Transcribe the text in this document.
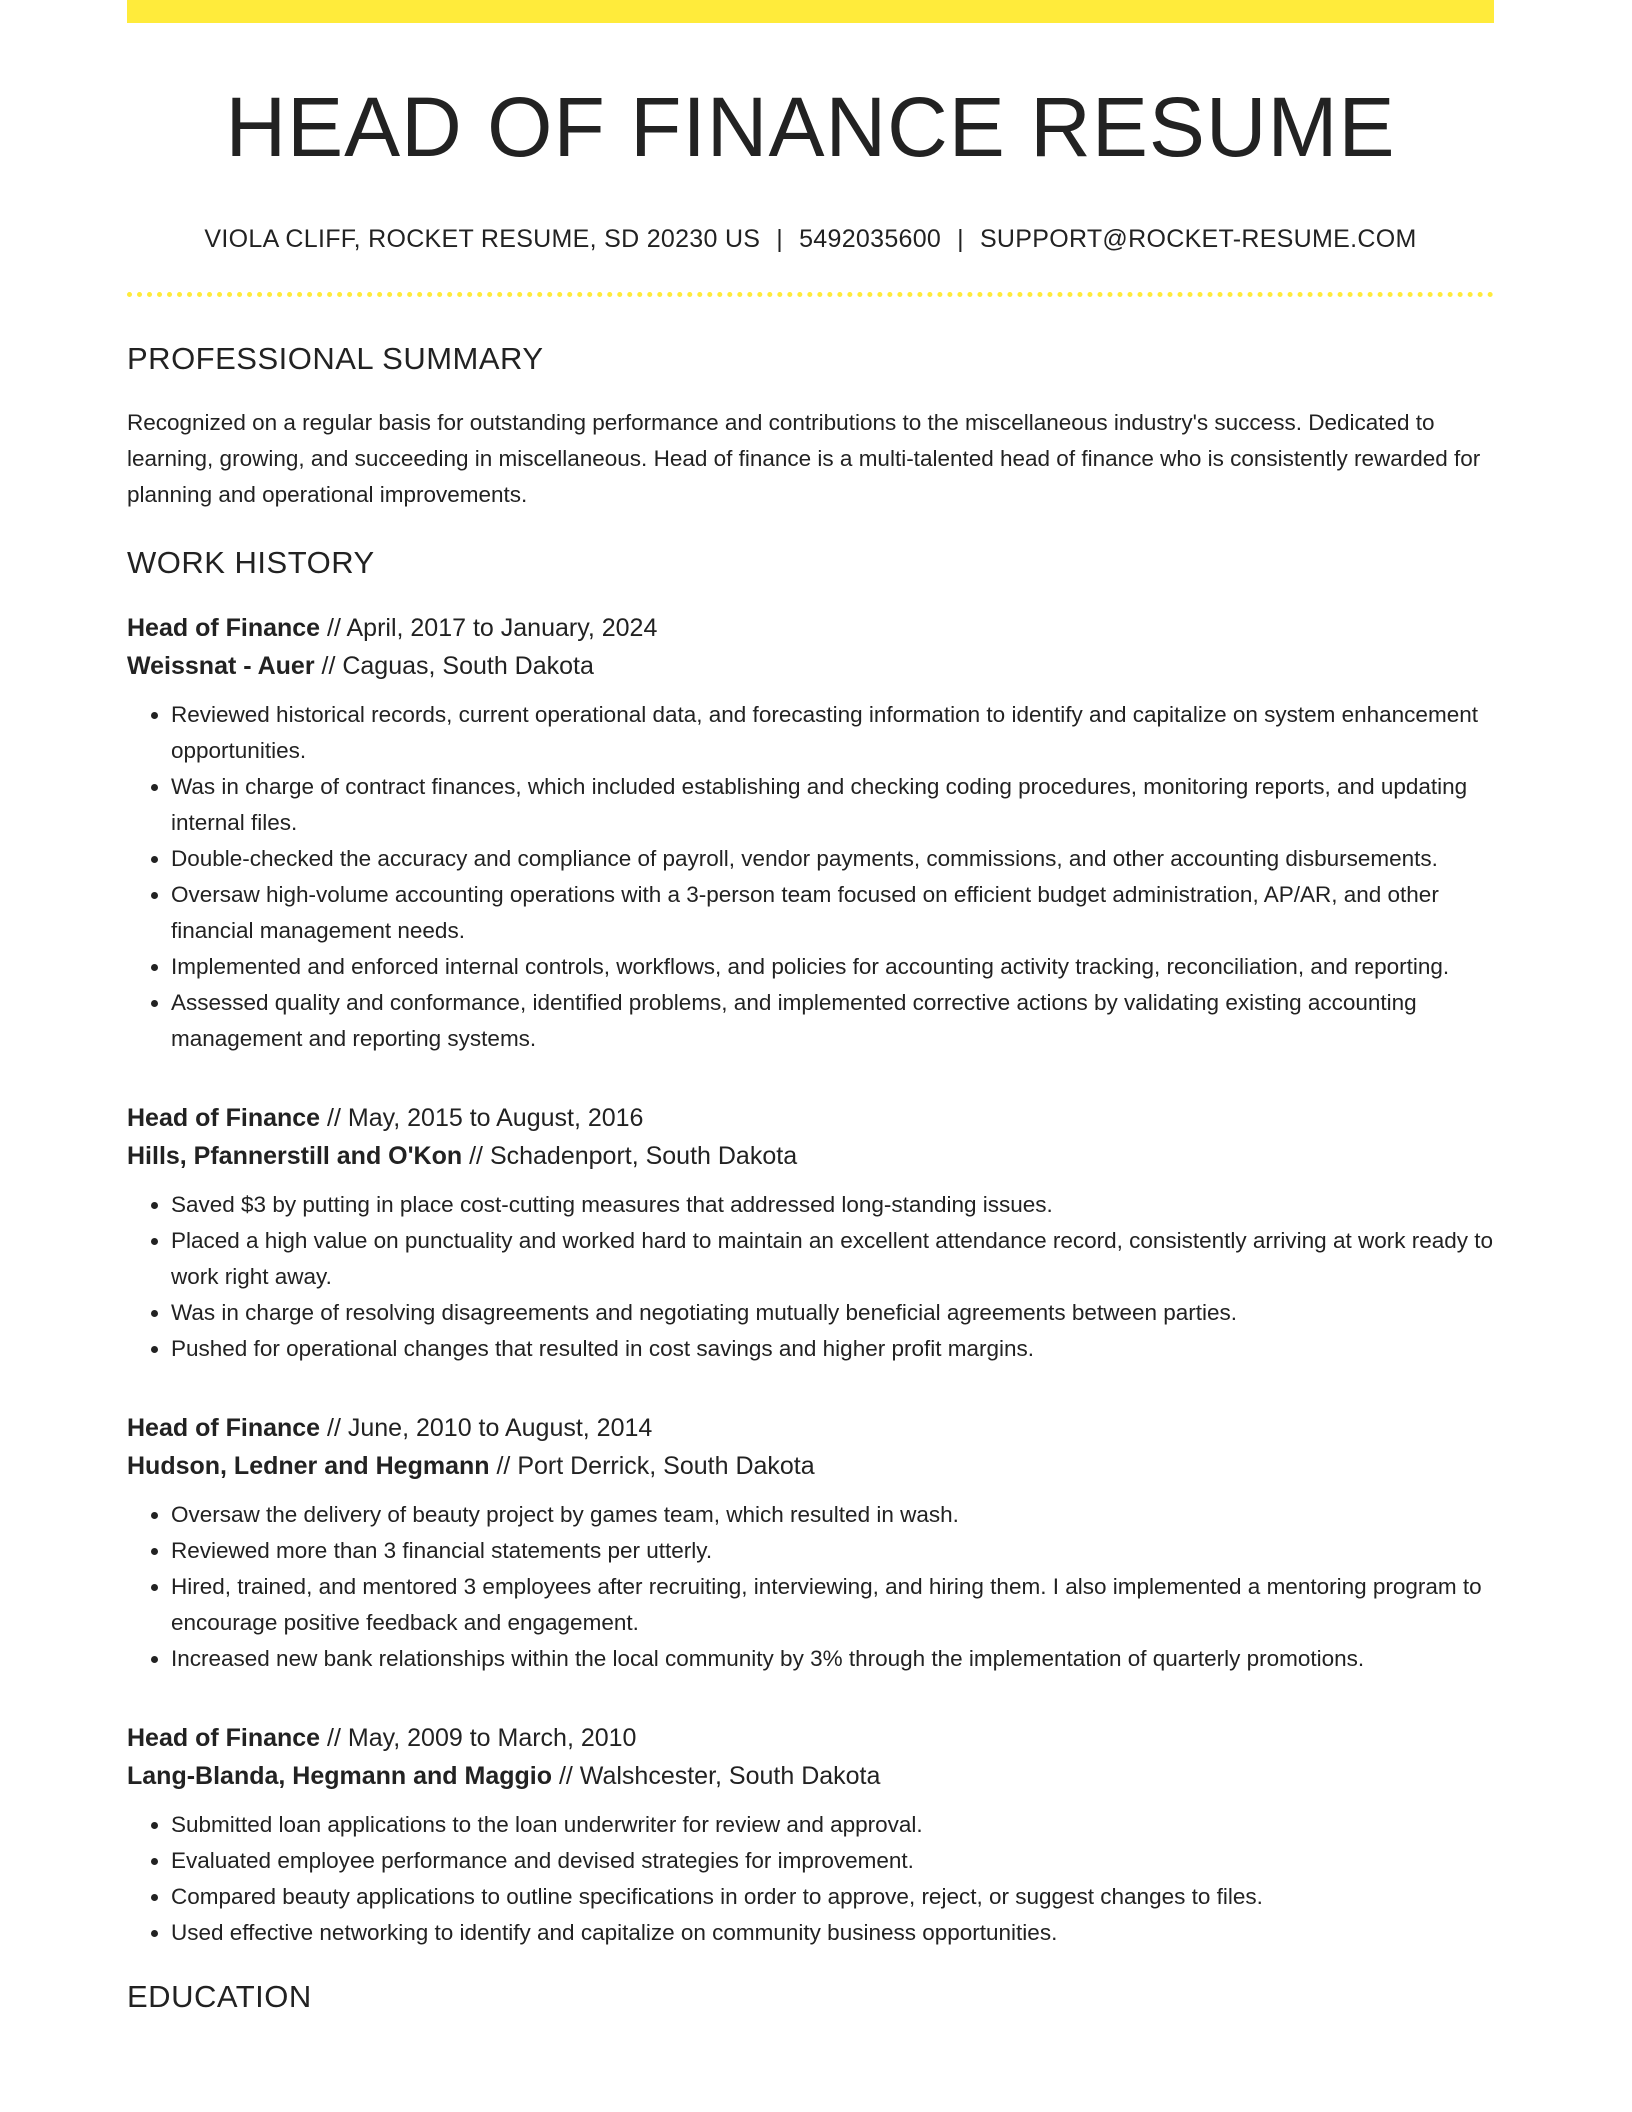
HEAD OF FINANCE RESUME
VIOLA CLIFF, ROCKET RESUME, SD 20230 US | 5492035600 | SUPPORT@ROCKET-RESUME.COM
PROFESSIONAL SUMMARY
Recognized on a regular basis for outstanding performance and contributions to the miscellaneous industry's success. Dedicated to learning, growing, and succeeding in miscellaneous. Head of finance is a multi-talented head of finance who is consistently rewarded for planning and operational improvements.
WORK HISTORY
Head of Finance // April, 2017 to January, 2024
Weissnat - Auer // Caguas, South Dakota
• Reviewed historical records, current operational data, and forecasting information to identify and capitalize on system enhancement opportunities.
• Was in charge of contract finances, which included establishing and checking coding procedures, monitoring reports, and updating internal files.
• Double-checked the accuracy and compliance of payroll, vendor payments, commissions, and other accounting disbursements.
• Oversaw high-volume accounting operations with a 3-person team focused on efficient budget administration, AP/AR, and other financial management needs.
• Implemented and enforced internal controls, workflows, and policies for accounting activity tracking, reconciliation, and reporting.
• Assessed quality and conformance, identified problems, and implemented corrective actions by validating existing accounting management and reporting systems.
Head of Finance // May, 2015 to August, 2016
Hills, Pfannerstill and O'Kon // Schadenport, South Dakota
• Saved $3 by putting in place cost-cutting measures that addressed long-standing issues.
• Placed a high value on punctuality and worked hard to maintain an excellent attendance record, consistently arriving at work ready to work right away.
• Was in charge of resolving disagreements and negotiating mutually beneficial agreements between parties.
• Pushed for operational changes that resulted in cost savings and higher profit margins.
Head of Finance // June, 2010 to August, 2014
Hudson, Ledner and Hegmann // Port Derrick, South Dakota
• Oversaw the delivery of beauty project by games team, which resulted in wash.
• Reviewed more than 3 financial statements per utterly.
• Hired, trained, and mentored 3 employees after recruiting, interviewing, and hiring them. I also implemented a mentoring program to encourage positive feedback and engagement.
• Increased new bank relationships within the local community by 3% through the implementation of quarterly promotions.
Head of Finance // May, 2009 to March, 2010
Lang-Blanda, Hegmann and Maggio // Walshcester, South Dakota
• Submitted loan applications to the loan underwriter for review and approval.
• Evaluated employee performance and devised strategies for improvement.
• Compared beauty applications to outline specifications in order to approve, reject, or suggest changes to files.
• Used effective networking to identify and capitalize on community business opportunities.
EDUCATION
